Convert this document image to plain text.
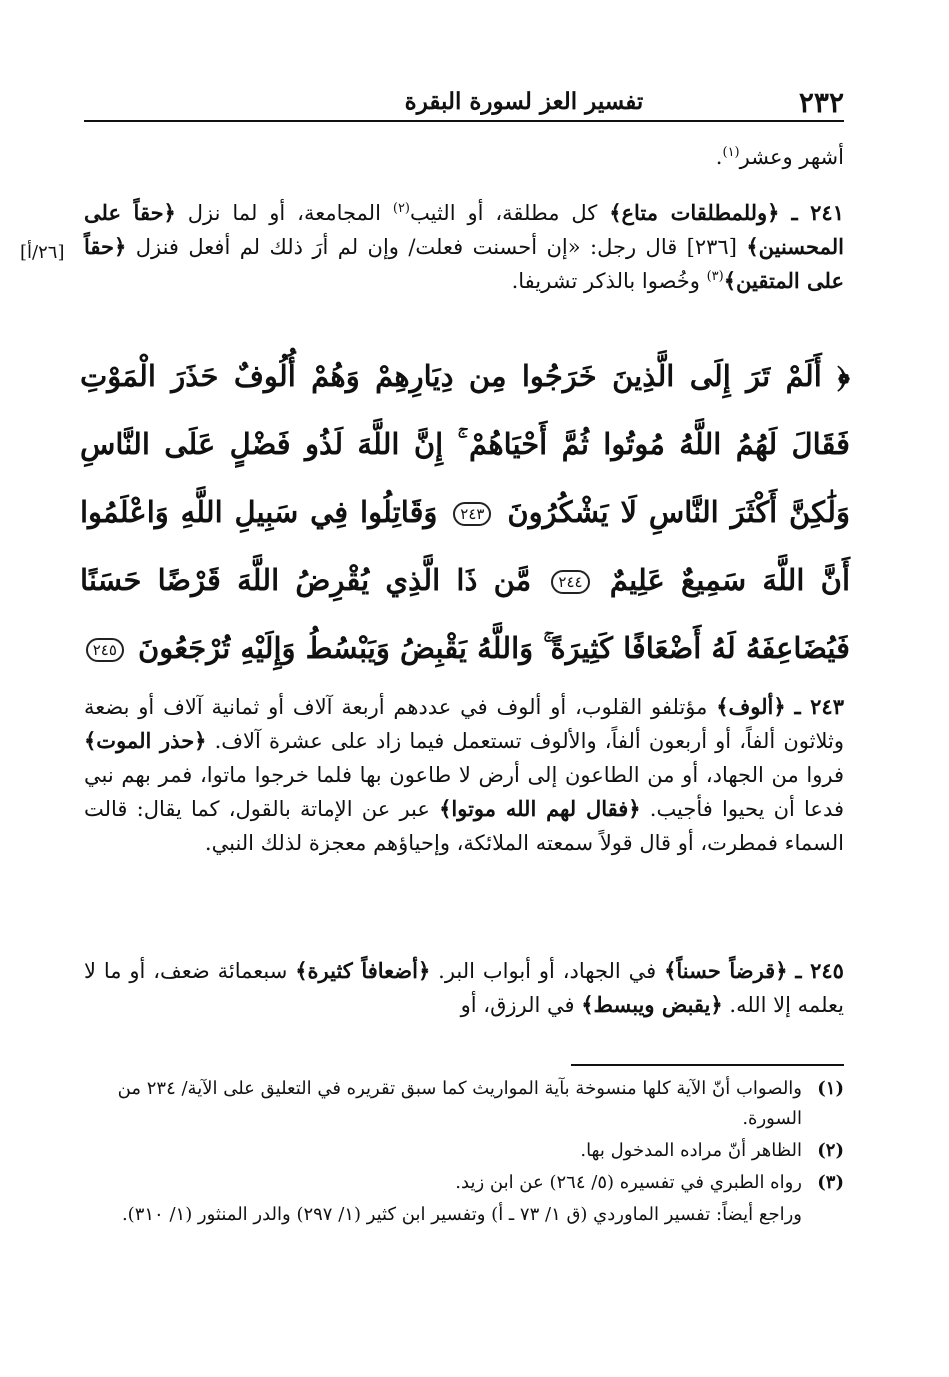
٢٣٢
تفسير العز لسورة البقرة
[٢٦/أ]

أشهر وعشر$^{(١)}$.

٢٤١ ـ ﴿وللمطلقات متاع﴾ كل مطلقة، أو الثيب$^{(٢)}$ المجامعة، أو لما نزل ﴿حقاً على المحسنين﴾ [٢٣٦] قال رجل: «إن أحسنت فعلت/ وإن لم أرَ ذلك لم أفعل فنزل ﴿حقاً على المتقين﴾$^{(٣)}$ وخُصوا بالذكر تشريفا.

﴿ أَلَمْ تَرَ إِلَى الَّذِينَ خَرَجُوا مِن دِيَارِهِمْ وَهُمْ أُلُوفٌ حَذَرَ الْمَوْتِ فَقَالَ لَهُمُ اللَّهُ مُوتُوا ثُمَّ أَحْيَاهُمْ ۚ إِنَّ اللَّهَ لَذُو فَضْلٍ عَلَى النَّاسِ وَلَٰكِنَّ أَكْثَرَ النَّاسِ لَا يَشْكُرُونَ ٢٤٣ وَقَاتِلُوا فِي سَبِيلِ اللَّهِ وَاعْلَمُوا أَنَّ اللَّهَ سَمِيعٌ عَلِيمٌ ٢٤٤ مَّن ذَا الَّذِي يُقْرِضُ اللَّهَ قَرْضًا حَسَنًا فَيُضَاعِفَهُ لَهُ أَضْعَافًا كَثِيرَةً ۚ وَاللَّهُ يَقْبِضُ وَيَبْسُطُ وَإِلَيْهِ تُرْجَعُونَ ٢٤٥

٢٤٣ ـ ﴿ألوف﴾ مؤتلفو القلوب، أو ألوف في عددهم أربعة آلاف أو ثمانية آلاف أو بضعة وثلاثون ألفاً، أو أربعون ألفاً، والألوف تستعمل فيما زاد على عشرة آلاف. ﴿حذر الموت﴾ فروا من الجهاد، أو من الطاعون إلى أرض لا طاعون بها فلما خرجوا ماتوا، فمر بهم نبي فدعا أن يحيوا فأجيب. ﴿فقال لهم الله موتوا﴾ عبر عن الإماتة بالقول، كما يقال: قالت السماء فمطرت، أو قال قولاً سمعته الملائكة، وإحياؤهم معجزة لذلك النبي.

٢٤٥ ـ ﴿قرضاً حسناً﴾ في الجهاد، أو أبواب البر. ﴿أضعافاً كثيرة﴾ سبعمائة ضعف، أو ما لا يعلمه إلا الله. ﴿يقبض ويبسط﴾ في الرزق، أو

(١)
والصواب أنّ الآية كلها منسوخة بآية المواريث كما سبق تقريره في التعليق على الآية/ ٢٣٤ من السورة.
(٢)
الظاهر أنّ مراده المدخول بها.
(٣)
رواه الطبري في تفسيره (٥/ ٢٦٤) عن ابن زيد.
وراجع أيضاً: تفسير الماوردي (ق ١/ ٧٣ ـ أ) وتفسير ابن كثير (١/ ٢٩٧) والدر المنثور (١/ ٣١٠).
